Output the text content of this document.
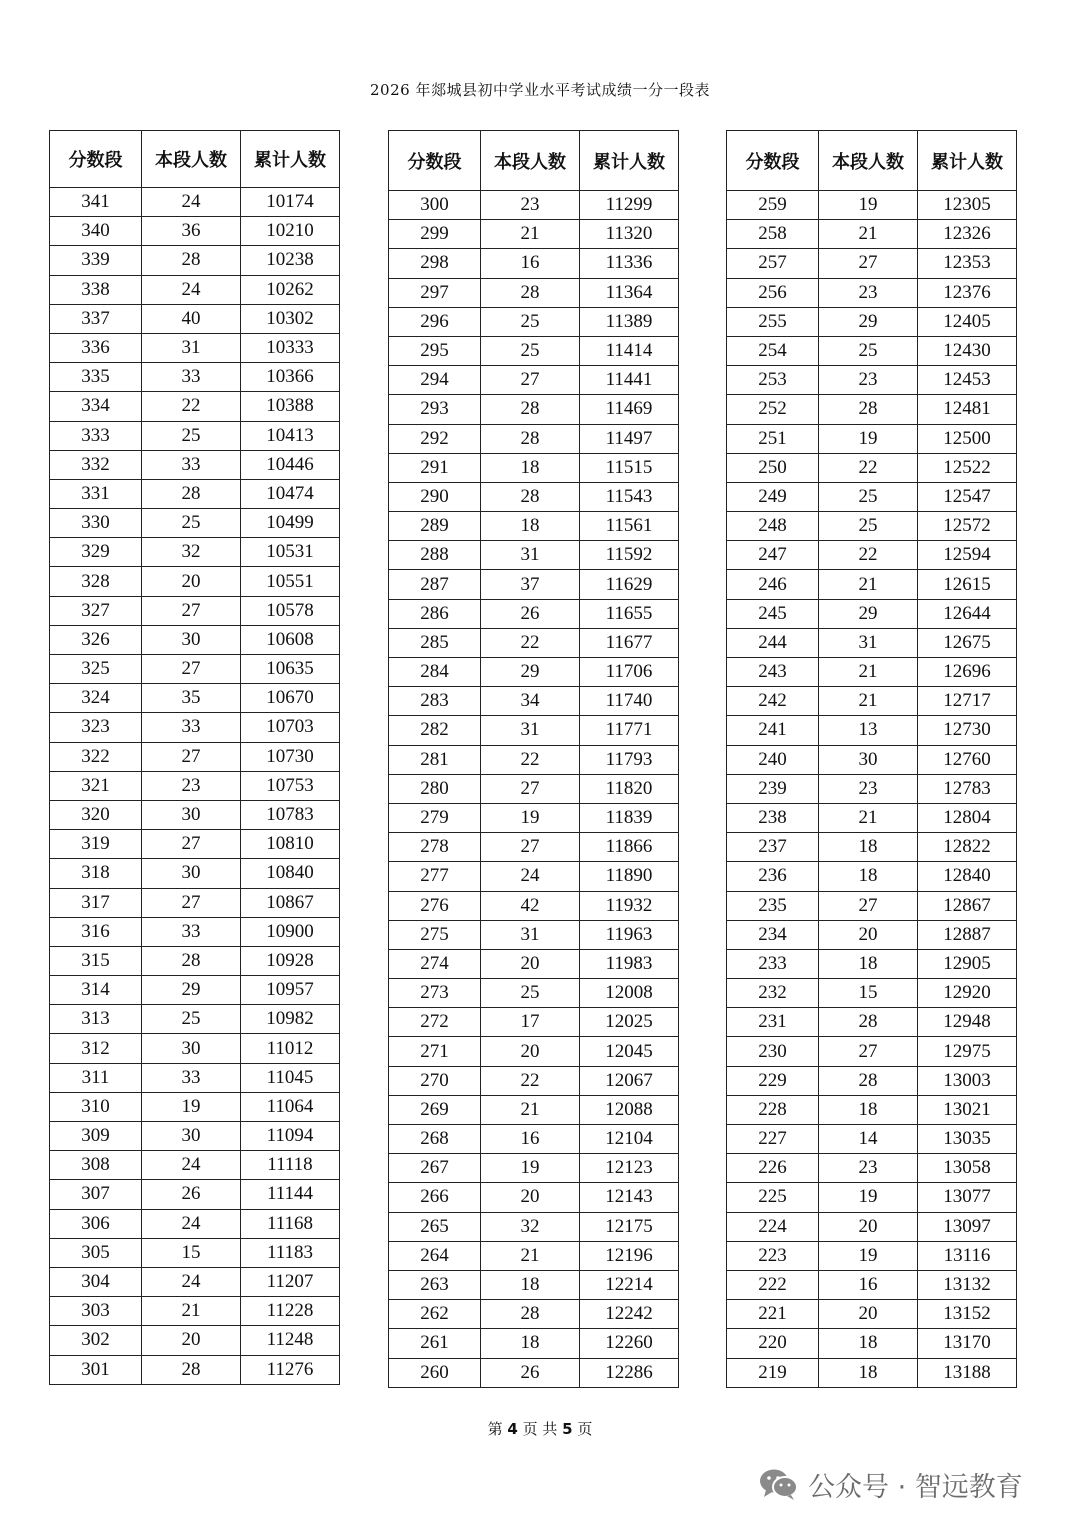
2026 年郯城县初中学业水平考试成绩一分一段表
分数段	本段人数	累计人数
341	24	10174
340	36	10210
339	28	10238
338	24	10262
337	40	10302
336	31	10333
335	33	10366
334	22	10388
333	25	10413
332	33	10446
331	28	10474
330	25	10499
329	32	10531
328	20	10551
327	27	10578
326	30	10608
325	27	10635
324	35	10670
323	33	10703
322	27	10730
321	23	10753
320	30	10783
319	27	10810
318	30	10840
317	27	10867
316	33	10900
315	28	10928
314	29	10957
313	25	10982
312	30	11012
311	33	11045
310	19	11064
309	30	11094
308	24	11118
307	26	11144
306	24	11168
305	15	11183
304	24	11207
303	21	11228
302	20	11248
301	28	11276
分数段	本段人数	累计人数
300	23	11299
299	21	11320
298	16	11336
297	28	11364
296	25	11389
295	25	11414
294	27	11441
293	28	11469
292	28	11497
291	18	11515
290	28	11543
289	18	11561
288	31	11592
287	37	11629
286	26	11655
285	22	11677
284	29	11706
283	34	11740
282	31	11771
281	22	11793
280	27	11820
279	19	11839
278	27	11866
277	24	11890
276	42	11932
275	31	11963
274	20	11983
273	25	12008
272	17	12025
271	20	12045
270	22	12067
269	21	12088
268	16	12104
267	19	12123
266	20	12143
265	32	12175
264	21	12196
263	18	12214
262	28	12242
261	18	12260
260	26	12286
分数段	本段人数	累计人数
259	19	12305
258	21	12326
257	27	12353
256	23	12376
255	29	12405
254	25	12430
253	23	12453
252	28	12481
251	19	12500
250	22	12522
249	25	12547
248	25	12572
247	22	12594
246	21	12615
245	29	12644
244	31	12675
243	21	12696
242	21	12717
241	13	12730
240	30	12760
239	23	12783
238	21	12804
237	18	12822
236	18	12840
235	27	12867
234	20	12887
233	18	12905
232	15	12920
231	28	12948
230	27	12975
229	28	13003
228	18	13021
227	14	13035
226	23	13058
225	19	13077
224	20	13097
223	19	13116
222	16	13132
221	20	13152
220	18	13170
219	18	13188
第 4 页 共 5 页
公众号 · 智远教育
